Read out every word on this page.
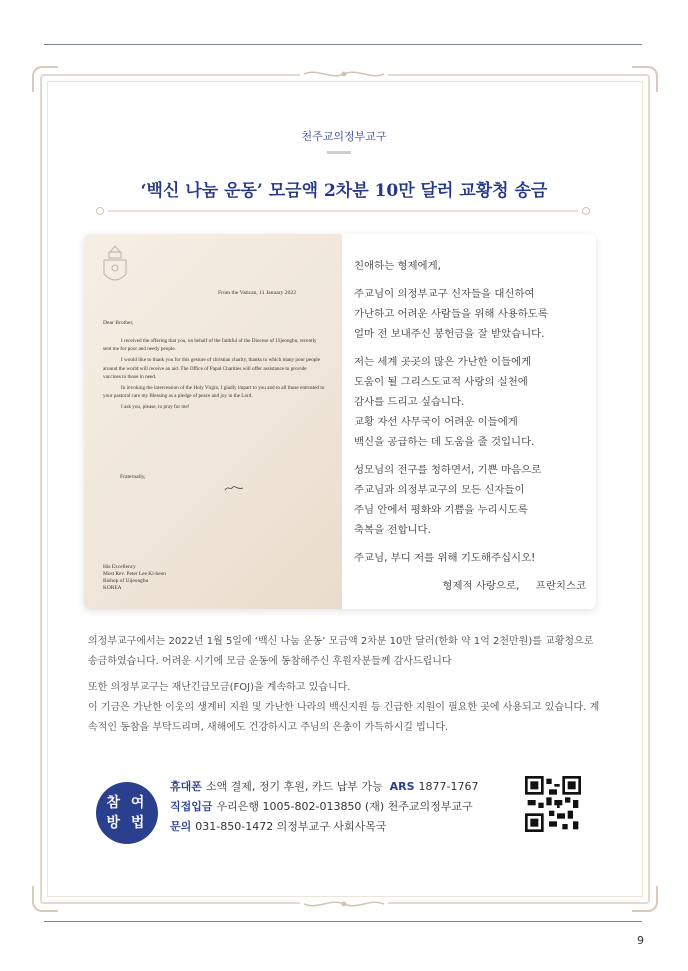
천주교의정부교구
‘백신 나눔 운동’ 모금액 2차분 10만 달러 교황청 송금
From the Vatican, 11 January 2022
Dear Brother,

I received the offering that you, on behalf of the faithful of the Diocese of Uijeongbu, recently sent me for poor and needy people.

I would like to thank you for this gesture of christian charity, thanks to which many poor people around the world will receive an aid. The Office of Papal Charities will offer assistance to provide vaccines to those in need.

In invoking the intercession of the Holy Virgin, I gladly impart to you and to all those entrusted to your pastoral care my Blessing as a pledge of peace and joy in the Lord.

I ask you, please, to pray for me!

Fraternally,
His Excellency
Most Rev. Peter Lee Ki-heon
Bishop of Uijeongbu
KOREA

친애하는 형제에게,

주교님이 의정부교구 신자들을 대신하여
가난하고 어려운 사람들을 위해 사용하도록
얼마 전 보내주신 봉헌금을 잘 받았습니다.

저는 세계 곳곳의 많은 가난한 이들에게
도움이 될 그리스도교적 사랑의 실천에
감사를 드리고 싶습니다.
교황 자선 사무국이 어려운 이들에게
백신을 공급하는 데 도움을 줄 것입니다.

성모님의 전구를 청하면서, 기쁜 마음으로
주교님과 의정부교구의 모든 신자들이
주님 안에서 평화와 기쁨을 누리시도록
축복을 전합니다.

주교님, 부디 저를 위해 기도해주십시오!

형제적 사랑으로,     프란치스코

의정부교구에서는 2022년 1월 5일에 ‘백신 나눔 운동’ 모금액 2차분 10만 달러(한화 약 1억 2천만원)를 교황청으로 송금하였습니다. 어려운 시기에 모금 운동에 동참해주신 후원자분들께 감사드립니다

또한 의정부교구는 재난긴급모금(FOJ)을 계속하고 있습니다.

이 기금은 가난한 이웃의 생계비 지원 및 가난한 나라의 백신지원 등 긴급한 지원이 필요한 곳에 사용되고 있습니다. 계속적인 동참을 부탁드리며, 새해에도 건강하시고 주님의 은총이 가득하시길 빕니다.

참 여
방 법
휴대폰 소액 결제, 정기 후원, 카드 납부 가능 ARS 1877-1767
직접입금 우리은행 1005-802-013850 (재) 천주교의정부교구
문의 031-850-1472 의정부교구 사회사목국
9
